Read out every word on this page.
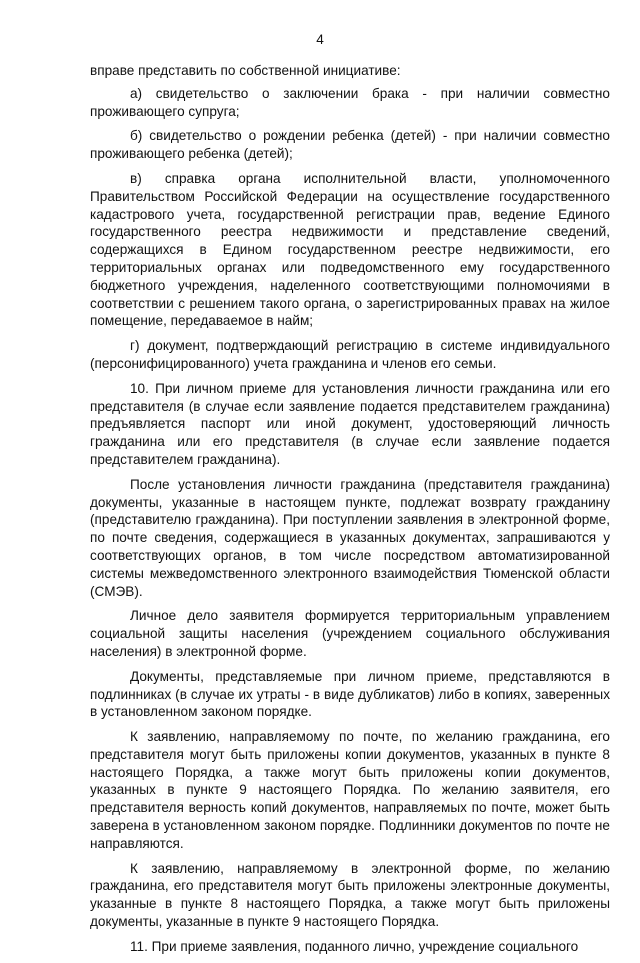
4

вправе представить по собственной инициативе:

а) свидетельство о заключении брака - при наличии совместно проживающего супруга;

б) свидетельство о рождении ребенка (детей) - при наличии совместно проживающего ребенка (детей);

в) справка органа исполнительной власти, уполномоченного Правительством Российской Федерации на осуществление государственного кадастрового учета, государственной регистрации прав, ведение Единого государственного реестра недвижимости и представление сведений, содержащихся в Едином государственном реестре недвижимости, его территориальных органах или подведомственного ему государственного бюджетного учреждения, наделенного соответствующими полномочиями в соответствии с решением такого органа, о зарегистрированных правах на жилое помещение, передаваемое в найм;

г) документ, подтверждающий регистрацию в системе индивидуального (персонифицированного) учета гражданина и членов его семьи.

10. При личном приеме для установления личности гражданина или его представителя (в случае если заявление подается представителем гражданина) предъявляется паспорт или иной документ, удостоверяющий личность гражданина или его представителя (в случае если заявление подается представителем гражданина).

После установления личности гражданина (представителя гражданина) документы, указанные в настоящем пункте, подлежат возврату гражданину (представителю гражданина). При поступлении заявления в электронной форме, по почте сведения, содержащиеся в указанных документах, запрашиваются у соответствующих органов, в том числе посредством автоматизированной системы межведомственного электронного взаимодействия Тюменской области (СМЭВ).

Личное дело заявителя формируется территориальным управлением социальной защиты населения (учреждением социального обслуживания населения) в электронной форме.

Документы, представляемые при личном приеме, представляются в подлинниках (в случае их утраты - в виде дубликатов) либо в копиях, заверенных в установленном законом порядке.

К заявлению, направляемому по почте, по желанию гражданина, его представителя могут быть приложены копии документов, указанных в пункте 8 настоящего Порядка, а также могут быть приложены копии документов, указанных в пункте 9 настоящего Порядка. По желанию заявителя, его представителя верность копий документов, направляемых по почте, может быть заверена в установленном законом порядке. Подлинники документов по почте не направляются.

К заявлению, направляемому в электронной форме, по желанию гражданина, его представителя могут быть приложены электронные документы, указанные в пункте 8 настоящего Порядка, а также могут быть приложены документы, указанные в пункте 9 настоящего Порядка.

11. При приеме заявления, поданного лично, учреждение социального
